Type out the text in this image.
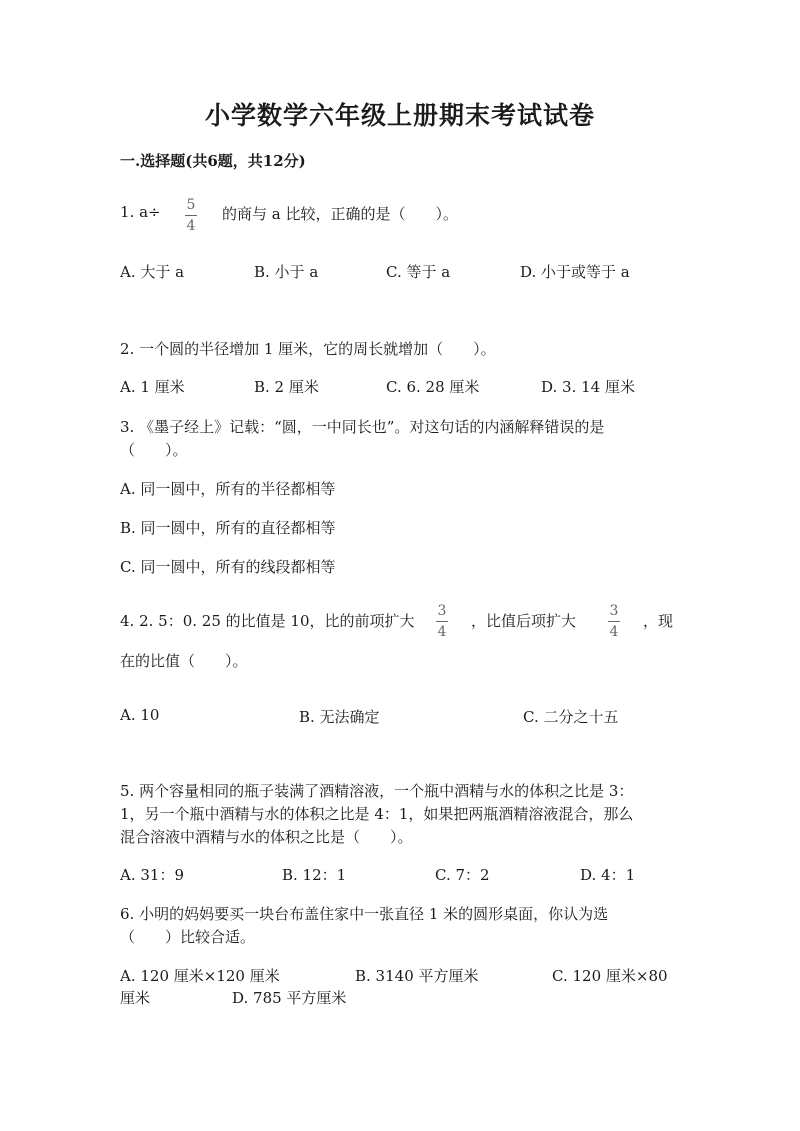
小学数学六年级上册期末考试试卷
一.选择题(共6题，共12分)
1. a÷ 5
4
的商与 a 比较，正确的是（　　）。
A. 大于 a	B. 小于 a	C. 等于 a	D. 小于或等于 a
2. 一个圆的半径增加 1 厘米，它的周长就增加（　　）。
A. 1 厘米	B. 2 厘米	C. 6. 28 厘米	D. 3. 14 厘米
3. 《墨子经上》记载：“圆，一中同长也”。对这句话的内涵解释错误的是
（　　）。
A. 同一圆中，所有的半径都相等
B. 同一圆中，所有的直径都相等
C. 同一圆中，所有的线段都相等
4. 2. 5：0. 25 的比值是 10，比的前项扩大
3
4
，比值后项扩大
3
4
，现
在的比值（　　）。
A. 10	B. 无法确定	C. 二分之十五
5. 两个容量相同的瓶子装满了酒精溶液，一个瓶中酒精与水的体积之比是 3：
1，另一个瓶中酒精与水的体积之比是 4：1，如果把两瓶酒精溶液混合，那么
混合溶液中酒精与水的体积之比是（　　）。
A. 31：9	B. 12：1	C. 7：2	D. 4：1
6. 小明的妈妈要买一块台布盖住家中一张直径 1 米的圆形桌面，你认为选
（　　）比较合适。
A. 120 厘米×120 厘米	B. 3140 平方厘米	C. 120 厘米×80
厘米	D. 785 平方厘米
